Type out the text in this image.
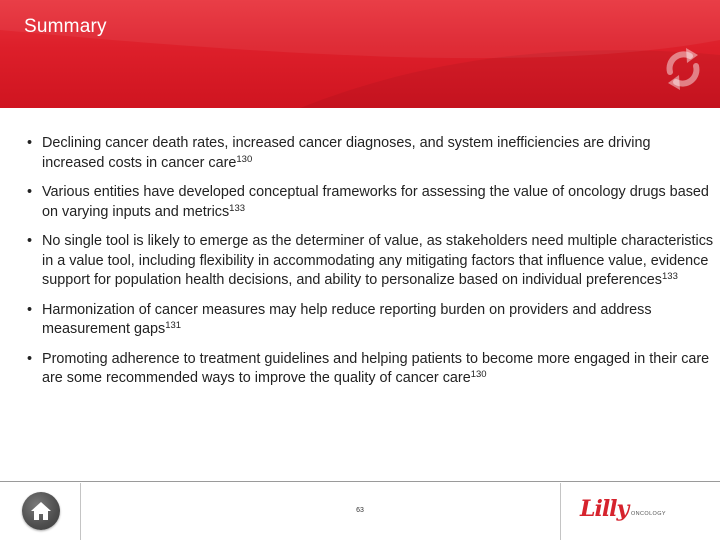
Summary
• Declining cancer death rates, increased cancer diagnoses, and system inefficiencies are driving increased costs in cancer care$^{130}$
• Various entities have developed conceptual frameworks for assessing the value of oncology drugs based on varying inputs and metrics$^{133}$
• No single tool is likely to emerge as the determiner of value, as stakeholders need multiple characteristics in a value tool, including flexibility in accommodating any mitigating factors that influence value, evidence support for population health decisions, and ability to personalize based on individual preferences$^{133}$
• Harmonization of cancer measures may help reduce reporting burden on providers and address measurement gaps$^{131}$
• Promoting adherence to treatment guidelines and helping patients to become more engaged in their care are some recommended ways to improve the quality of cancer care$^{130}$
63	Lilly ONCOLOGY
